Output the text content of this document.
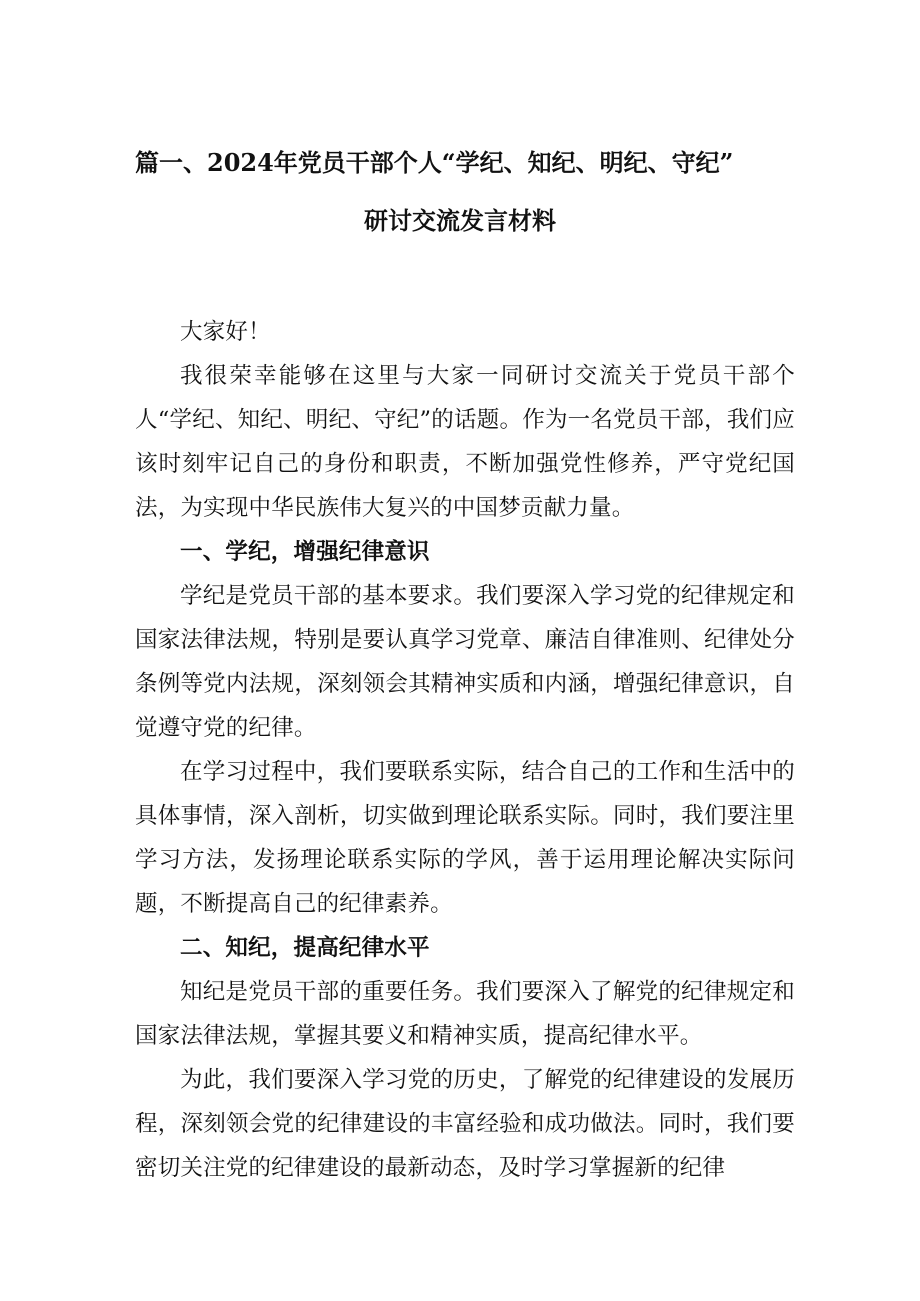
篇一、2024年党员干部个人“学纪、知纪、明纪、守纪”
研讨交流发言材料

大家好！

我很荣幸能够在这里与大家一同研讨交流关于党员干部个人“学纪、知纪、明纪、守纪”的话题。作为一名党员干部，我们应该时刻牢记自己的身份和职责，不断加强党性修养，严守党纪国法，为实现中华民族伟大复兴的中国梦贡献力量。

一、学纪，增强纪律意识

学纪是党员干部的基本要求。我们要深入学习党的纪律规定和国家法律法规，特别是要认真学习党章、廉洁自律准则、纪律处分条例等党内法规，深刻领会其精神实质和内涵，增强纪律意识，自觉遵守党的纪律。

在学习过程中，我们要联系实际，结合自己的工作和生活中的具体事情，深入剖析，切实做到理论联系实际。同时，我们要注里学习方法，发扬理论联系实际的学风，善于运用理论解决实际问题，不断提高自己的纪律素养。

二、知纪，提高纪律水平

知纪是党员干部的重要任务。我们要深入了解党的纪律规定和国家法律法规，掌握其要义和精神实质，提高纪律水平。

为此，我们要深入学习党的历史，了解党的纪律建设的发展历程，深刻领会党的纪律建设的丰富经验和成功做法。同时，我们要密切关注党的纪律建设的最新动态，及时学习掌握新的纪律
